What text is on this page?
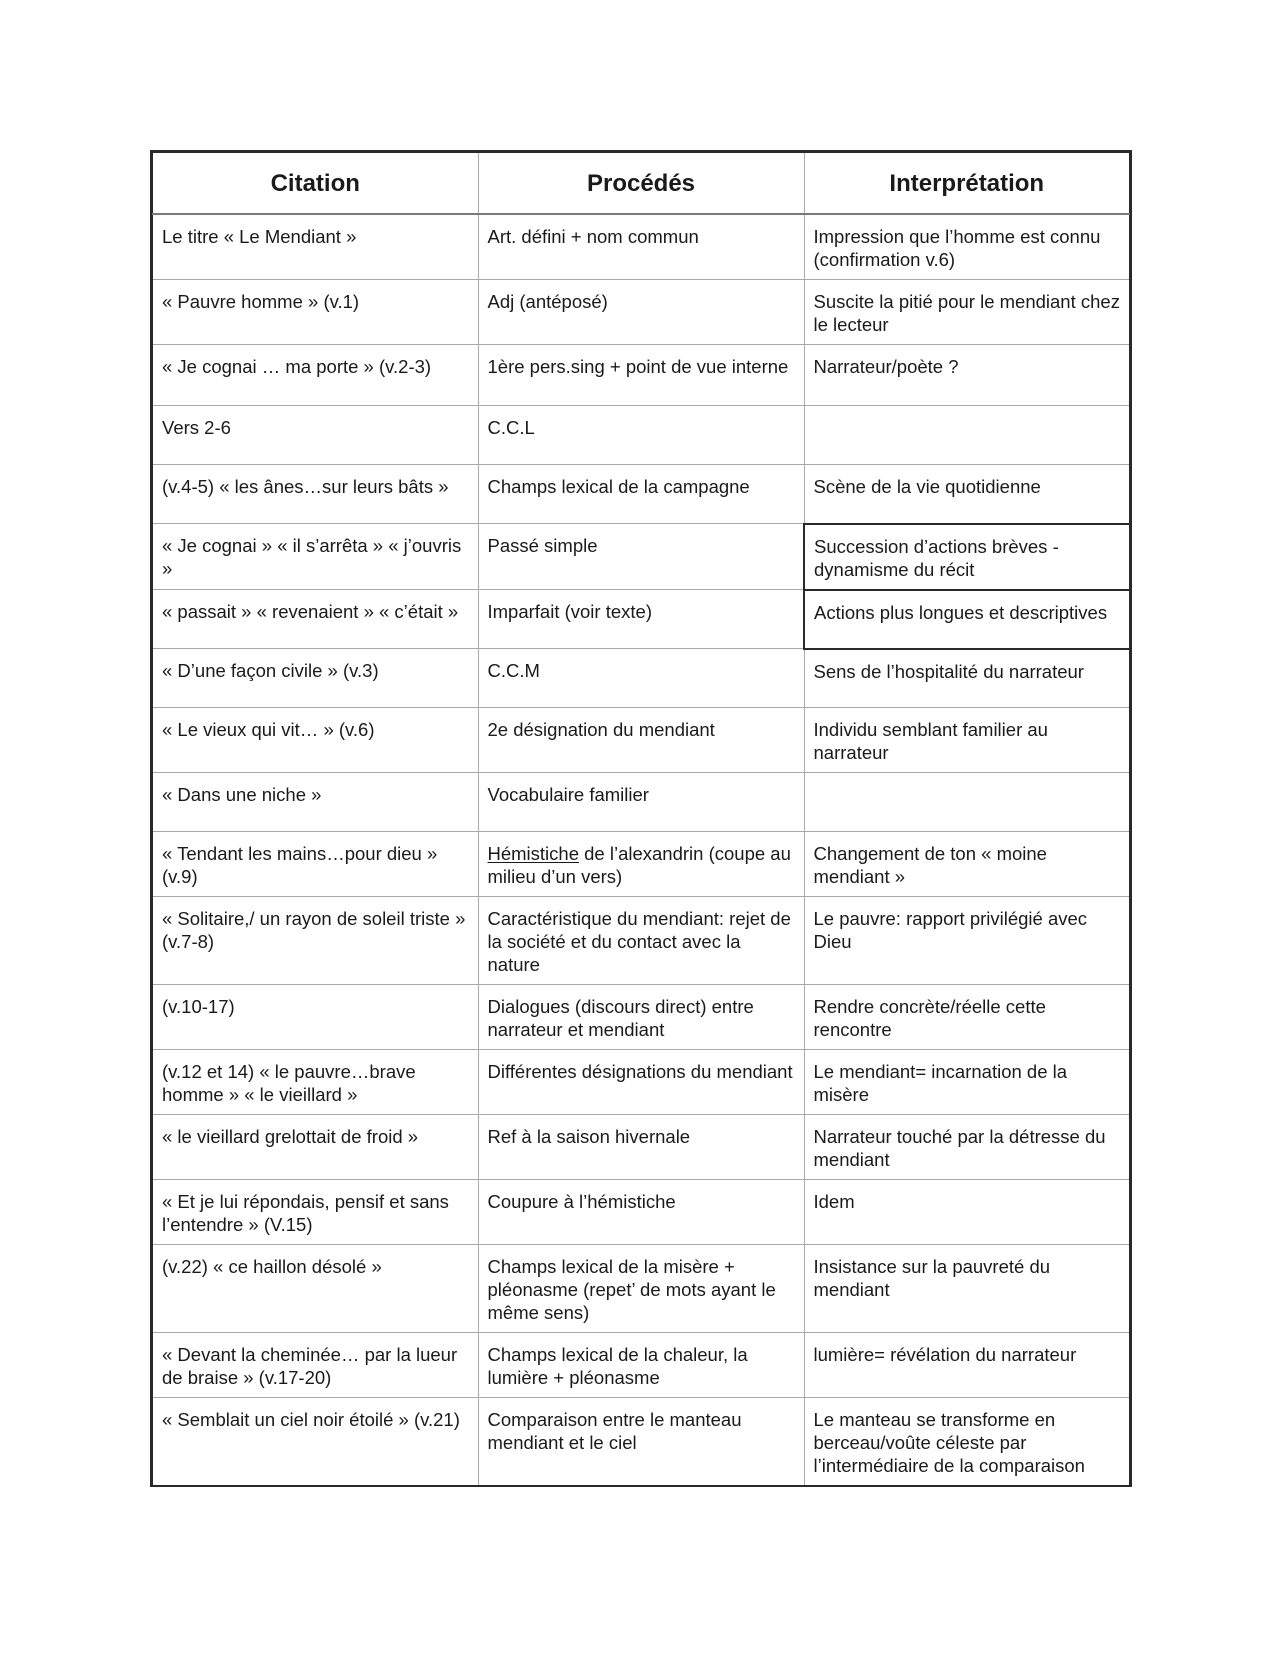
Citation	Procédés	Interprétation
Le titre « Le Mendiant »	Art. défini + nom commun	Impression que l’homme est connu (confirmation v.6)
« Pauvre homme » (v.1)	Adj (antéposé)	Suscite la pitié pour le mendiant chez le lecteur
« Je cognai … ma porte » (v.2-3)	1ère pers.sing + point de vue interne	Narrateur/poète ?
Vers 2-6	C.C.L	
(v.4-5) « les ânes…sur leurs bâts »	Champs lexical de la campagne	Scène de la vie quotidienne
« Je cognai » « il s’arrêta » « j’ouvris »	Passé simple	Succession d’actions brèves - dynamisme du récit
« passait » « revenaient » « c’était »	Imparfait (voir texte)	Actions plus longues et descriptives
« D’une façon civile » (v.3)	C.C.M	Sens de l’hospitalité du narrateur
« Le vieux qui vit… » (v.6)	2e désignation du mendiant	Individu semblant familier au narrateur
« Dans une niche »	Vocabulaire familier	
« Tendant les mains…pour dieu » (v.9)	Hémistiche de l’alexandrin (coupe au milieu d’un vers)	Changement de ton « moine mendiant »
« Solitaire,/ un rayon de soleil triste » (v.7-8)	Caractéristique du mendiant: rejet de la société et du contact avec la nature	Le pauvre: rapport privilégié avec Dieu
(v.10-17)	Dialogues (discours direct) entre narrateur et mendiant	Rendre concrète/réelle cette rencontre
(v.12 et 14) « le pauvre…brave homme » « le vieillard »	Différentes désignations du mendiant	Le mendiant= incarnation de la misère
« le vieillard grelottait de froid »	Ref à la saison hivernale	Narrateur touché par la détresse du mendiant
« Et je lui répondais, pensif et sans l’entendre » (V.15)	Coupure à l’hémistiche	Idem
(v.22) « ce haillon désolé »	Champs lexical de la misère + pléonasme (repet’ de mots ayant le même sens)	Insistance sur la pauvreté du mendiant
« Devant la cheminée… par la lueur de braise » (v.17-20)	Champs lexical de la chaleur, la lumière + pléonasme	lumière= révélation du narrateur
« Semblait un ciel noir étoilé » (v.21)	Comparaison entre le manteau mendiant et le ciel	Le manteau se transforme en berceau/voûte céleste par l’intermédiaire de la comparaison
